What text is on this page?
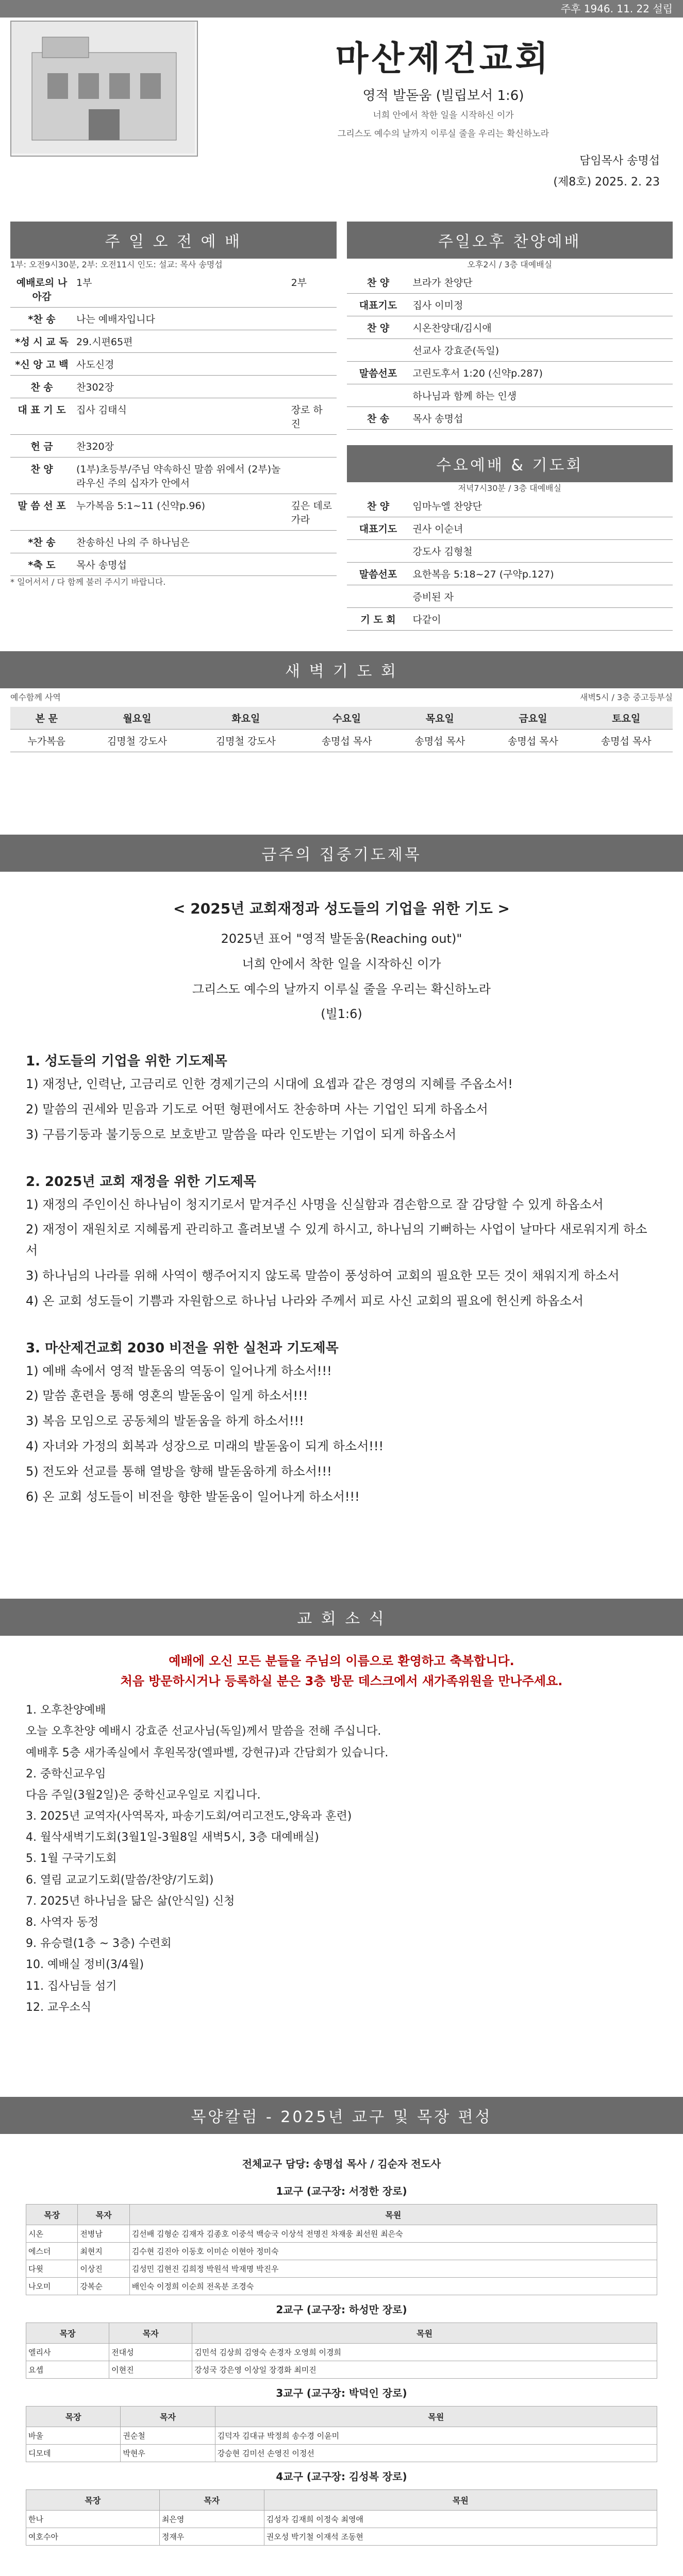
주후 1946. 11. 22 설립
마산제건교회
영적 발돋움 (빌립보서 1:6)
너희 안에서 착한 일을 시작하신 이가
그리스도 예수의 날까지 이루실 줄을 우리는 확신하노라
담임목사 송명섭
(제8호) 2025. 2. 23
주 일 오 전 예 배
1부: 오전9시30분, 2부: 오전11시 인도: 설교: 목사 송명섭
예배로의 나아감	1부	2부
*찬 송	나는 예배자입니다	
*성 시 교 독	29.시편65편	
*신 앙 고 백	사도신경	
찬 송	찬302장	
대 표 기 도	집사 김태식	장로 하 진
헌 금	찬320장	
찬 양	(1부)초등부/주님 약속하신 말씀 위에서 (2부)놀라우신 주의 십자가 안에서	
말 씀 선 포	누가복음 5:1~11 (신약p.96)	깊은 데로 가라
*찬 송	찬송하신 나의 주 하나님은	
*축 도	목사 송명섭	
* 일어서서 / 다 함께 불러 주시기 바랍니다.
주일오후 찬양예배
오후2시 / 3층 대예배실
찬 양	브라가 찬양단
대표기도	집사 이미정
찬 양	시온찬양대/김시애
	선교사 강효준(독일)
말씀선포	고린도후서 1:20 (신약p.287)
	하나님과 함께 하는 인생
찬 송	목사 송명섭
수요예배 & 기도회
저녁7시30분 / 3층 대예배실
찬 양	임마누엘 찬양단
대표기도	권사 이순녀
	강도사 김형철
말씀선포	요한복음 5:18~27 (구약p.127)
	증비된 자
기 도 회	다같이
새 벽 기 도 회
예수함께 사역	새벽5시 / 3층 중고등부실
본 문	월요일	화요일	수요일	목요일	금요일	토요일
누가복음	김명철 강도사	김명철 강도사	송명섭 목사	송명섭 목사	송명섭 목사	송명섭 목사
금주의 집중기도제목
< 2025년 교회재정과 성도들의 기업을 위한 기도 >
2025년 표어 "영적 발돋움(Reaching out)"
너희 안에서 착한 일을 시작하신 이가
그리스도 예수의 날까지 이루실 줄을 우리는 확신하노라
(빌1:6)
1. 성도들의 기업을 위한 기도제목
1) 재정난, 인력난, 고금리로 인한 경제기근의 시대에 요셉과 같은 경영의 지혜를 주옵소서!
2) 말씀의 권세와 믿음과 기도로 어떤 형편에서도 찬송하며 사는 기업인 되게 하옵소서
3) 구름기둥과 불기둥으로 보호받고 말씀을 따라 인도받는 기업이 되게 하옵소서
2. 2025년 교회 재정을 위한 기도제목
1) 재정의 주인이신 하나님이 청지기로서 맡겨주신 사명을 신실함과 겸손함으로 잘 감당할 수 있게 하옵소서
2) 재정이 재원치로 지혜롭게 관리하고 흘려보낼 수 있게 하시고, 하나님의 기뻐하는 사업이 날마다 새로워지게 하소서
3) 하나님의 나라를 위해 사역이 행주어지지 않도록 말씀이 풍성하여 교회의 필요한 모든 것이 채워지게 하소서
4) 온 교회 성도들이 기쁨과 자원함으로 하나님 나라와 주께서 피로 사신 교회의 필요에 헌신케 하옵소서
3. 마산제건교회 2030 비전을 위한 실천과 기도제목
1) 예배 속에서 영적 발돋움의 역동이 일어나게 하소서!!!
2) 말씀 훈련을 통해 영혼의 발돋움이 일게 하소서!!!
3) 복음 모임으로 공동체의 발돋움을 하게 하소서!!!
4) 자녀와 가정의 회복과 성장으로 미래의 발돋움이 되게 하소서!!!
5) 전도와 선교를 통해 열방을 향해 발돋움하게 하소서!!!
6) 온 교회 성도들이 비전을 향한 발돋움이 일어나게 하소서!!!
교 회 소 식
예배에 오신 모든 분들을 주님의 이름으로 환영하고 축복합니다.
처음 방문하시거나 등록하실 분은 3층 방문 데스크에서 새가족위원을 만나주세요.
1. 오후찬양예배
오늘 오후찬양 예배시 강효준 선교사님(독일)께서 말씀을 전해 주십니다.
예배후 5층 새가족실에서 후원목장(엘파벨, 강현규)과 간담회가 있습니다.
2. 중학신교우임
다음 주일(3월2일)은 중학신교우일로 지킵니다.
3. 2025년 교역자(사역목자, 파송기도회/여리고전도,양육과 훈련)
4. 월삭새벽기도회(3월1일-3월8일 새벽5시, 3층 대예배실)
5. 1월 구국기도회
6. 열림 교교기도회(말씀/찬양/기도회)
7. 2025년 하나님을 닮은 삶(안식일) 신청
8. 사역자 동정
9. 유승렬(1층 ~ 3층) 수련회
10. 예배실 정비(3/4월)
11. 집사님들 섬기
12. 교우소식
목양칼럼 - 2025년 교구 및 목장 편성
전체교구 담당: 송명섭 목사 / 김순자 전도사
1교구 (교구장: 서정한 장로)
목장	목자	목원
시온	전병남	김선배 김형순 김재자 김종호 이중석 백승국 이상석 전명진 차재웅 최선원 최은숙
에스더	최현지	김수현 김진아 이동호 이미순 이현아 정미숙
다윗	이상진	김성민 김현진 김희정 박원석 박재명 박진우
나오미	강복순	배인숙 이정희 이순희 전옥분 조경숙
2교구 (교구장: 하성만 장로)
목장	목자	목원
엘리사	전대성	김민석 김상희 김영숙 손경자 오영희 이경희
요셉	이현진	강성국 강은영 이상일 장경화 최미진
3교구 (교구장: 박덕인 장로)
목장	목자	목원
바울	권순철	김덕자 김대규 박정희 송수경 이윤미
디모데	박현우	강승현 김미선 손영진 이정선
4교구 (교구장: 김성복 장로)
목장	목자	목원
한나	최은영	김성자 김재희 이정숙 최영애
여호수아	정재우	권오성 박기철 이재석 조동현
